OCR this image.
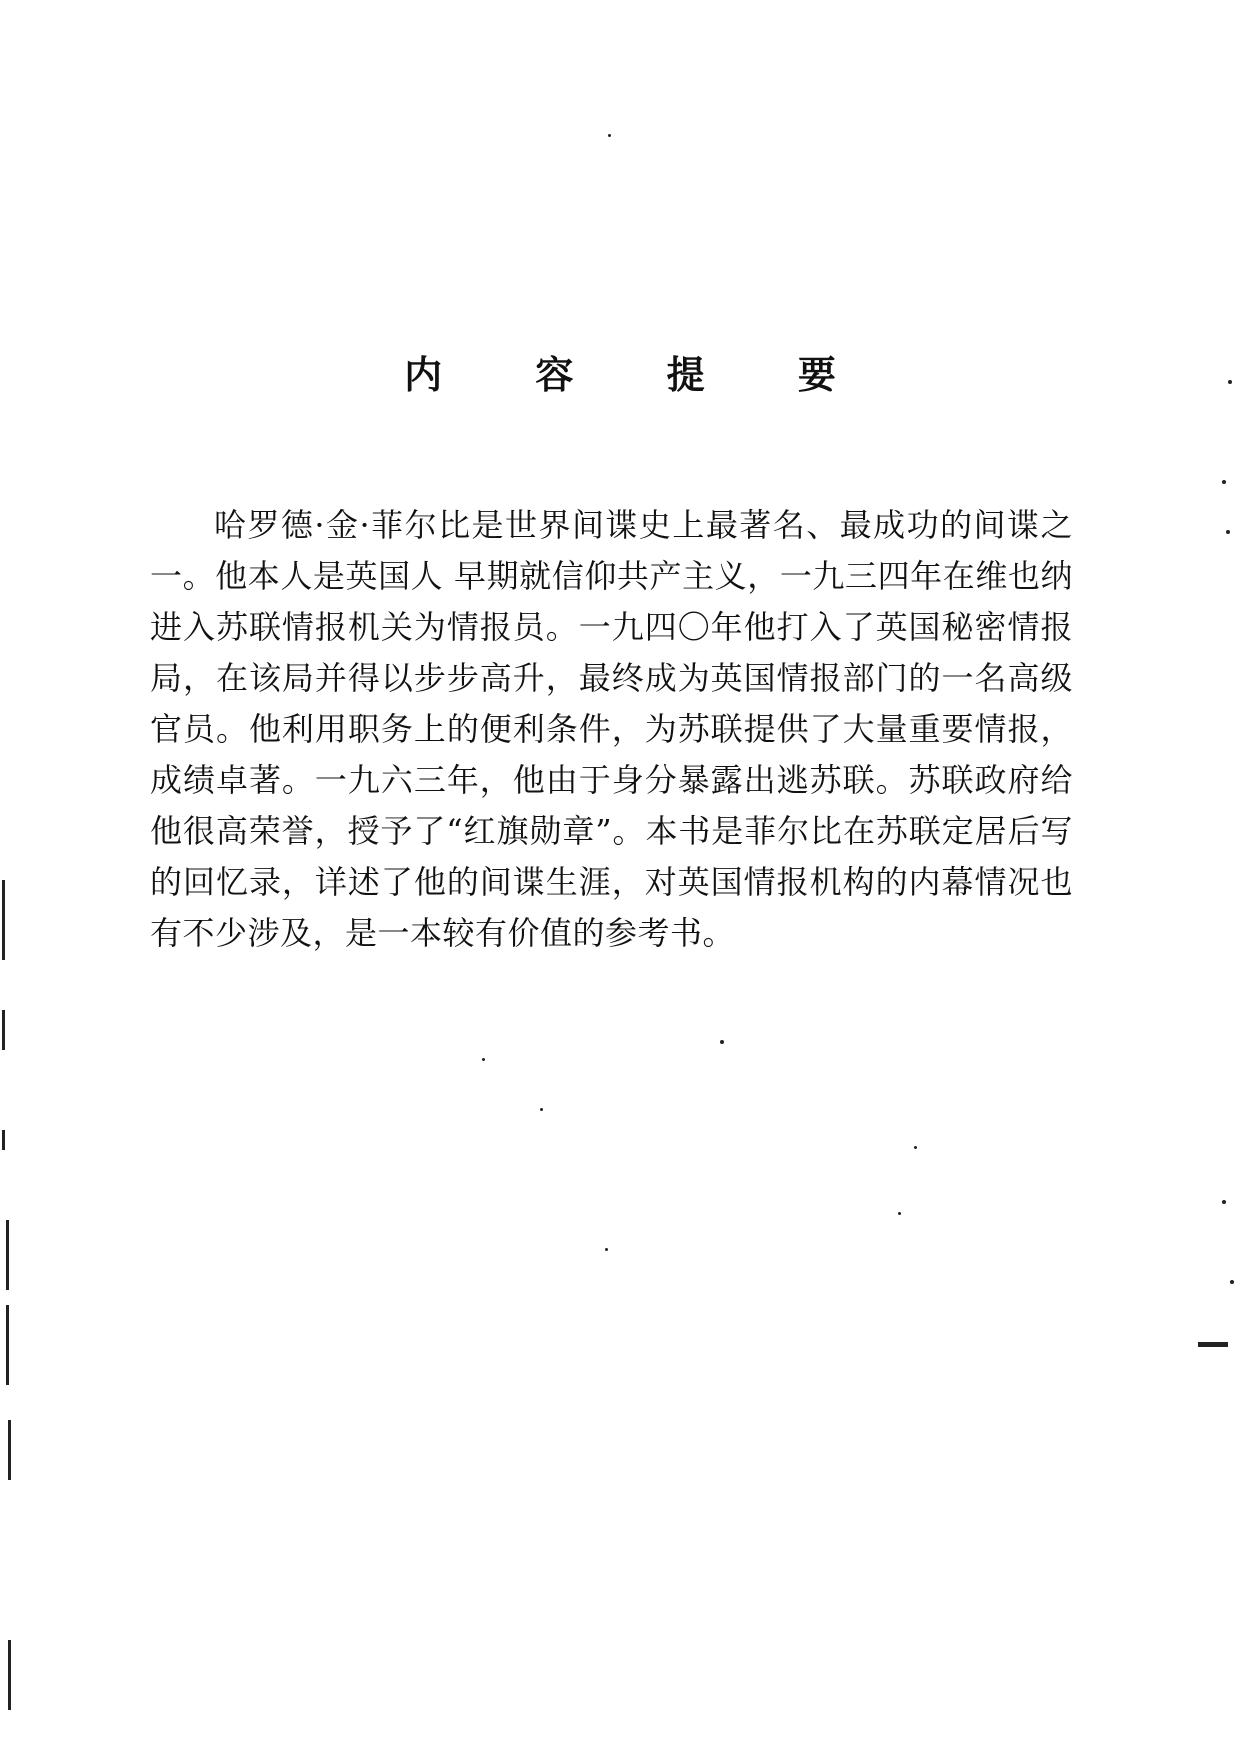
内 容 提 要

哈罗德·金·菲尔比是世界间谍史上最著名、最成功的间谍之一。他本人是英国人 早期就信仰共产主义，一九三四年在维也纳进入苏联情报机关为情报员。一九四〇年他打入了英国秘密情报局，在该局并得以步步高升，最终成为英国情报部门的一名高级官员。他利用职务上的便利条件，为苏联提供了大量重要情报，成绩卓著。一九六三年，他由于身分暴露出逃苏联。苏联政府给他很高荣誉，授予了“红旗勋章”。本书是菲尔比在苏联定居后写的回忆录，详述了他的间谍生涯，对英国情报机构的内幕情况也有不少涉及，是一本较有价值的参考书。
